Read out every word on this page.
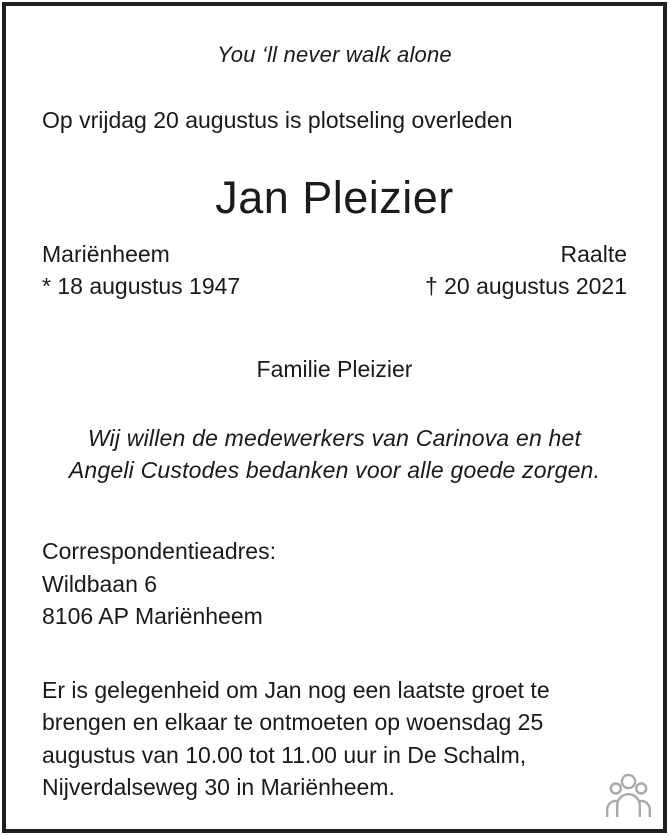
You ‘ll never walk alone
Op vrijdag 20 augustus is plotseling overleden
Jan Pleizier
Mariënheem
* 18 augustus 1947
Raalte
† 20 augustus 2021
Familie Pleizier
Wij willen de medewerkers van Carinova en het
Angeli Custodes bedanken voor alle goede zorgen.
Correspondentieadres:
Wildbaan 6
8106 AP Mariënheem
Er is gelegenheid om Jan nog een laatste groet te
brengen en elkaar te ontmoeten op woensdag 25
augustus van 10.00 tot 11.00 uur in De Schalm,
Nijverdalseweg 30 in Mariënheem.
